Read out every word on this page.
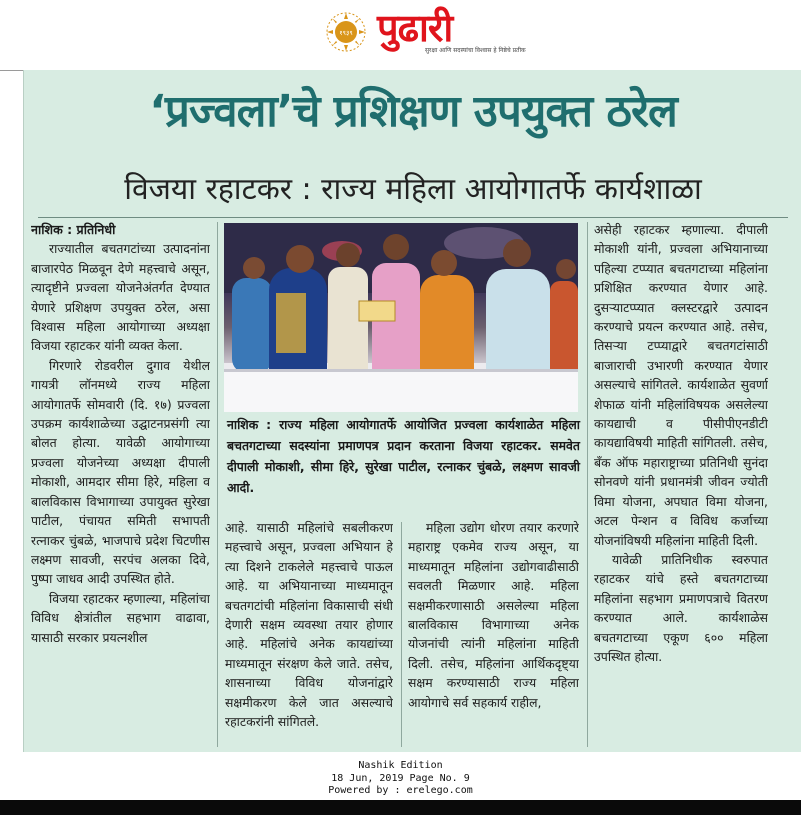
१९३९ पुढारी
सुरक्षा आणि सदस्यांचा विश्वास हे निष्ठेचे प्रतीक
‘प्रज्वला’चे प्रशिक्षण उपयुक्त ठरेल
विजया रहाटकर : राज्य महिला आयोगातर्फे कार्यशाळा
नाशिक : प्रतिनिधी

राज्यातील बचतगटांच्या उत्पादनांना बाजारपेठ मिळवून देणे महत्त्वाचे असून, त्यादृष्टीने प्रज्वला योजनेअंतर्गत देण्यात येणारे प्रशिक्षण उपयुक्त ठरेल, असा विश्वास महिला आयोगाच्या अध्यक्षा विजया रहाटकर यांनी व्यक्त केला.

गिरणारे रोडवरील दुगाव येथील गायत्री लॉनमध्ये राज्य महिला आयोगातर्फे सोमवारी (दि. १७) प्रज्वला उपक्रम कार्यशाळेच्या उद्घाटनप्रसंगी त्या बोलत होत्या. यावेळी आयोगाच्या प्रज्वला योजनेच्या अध्यक्षा दीपाली मोकाशी, आमदार सीमा हिरे, महिला व बालविकास विभागाच्या उपायुक्त सुरेखा पाटील, पंचायत समिती सभापती रत्नाकर चुंबळे, भाजपाचे प्रदेश चिटणीस लक्ष्मण सावजी, सरपंच अलका दिवे, पुष्पा जाधव आदी उपस्थित होते.

विजया रहाटकर म्हणाल्या, महिलांचा विविध क्षेत्रांतील सहभाग वाढावा, यासाठी सरकार प्रयत्नशील

नाशिक : राज्य महिला आयोगातर्फे आयोजित प्रज्वला कार्यशाळेत महिला बचतगटाच्या सदस्यांना प्रमाणपत्र प्रदान करताना विजया रहाटकर. समवेत दीपाली मोकाशी, सीमा हिरे, सुरेखा पाटील, रत्नाकर चुंबळे, लक्ष्मण सावजी आदी.

आहे. यासाठी महिलांचे सबलीकरण महत्त्वाचे असून, प्रज्वला अभियान हे त्या दिशने टाकलेले महत्त्वाचे पाऊल आहे. या अभियानाच्या माध्यमातून बचतगटांची महिलांना विकासाची संधी देणारी सक्षम व्यवस्था तयार होणार आहे. महिलांचे अनेक कायद्यांच्या माध्यमातून संरक्षण केले जाते. तसेच, शासनाच्या विविध योजनांद्वारे सक्षमीकरण केले जात असल्याचे रहाटकरांनी सांगितले.

महिला उद्योग धोरण तयार करणारे महाराष्ट्र एकमेव राज्य असून, या माध्यमातून महिलांना उद्योगवाढीसाठी सवलती मिळणार आहे. महिला सक्षमीकरणासाठी असलेल्या महिला बालविकास विभागाच्या अनेक योजनांची त्यांनी महिलांना माहिती दिली. तसेच, महिलांना आर्थिकदृष्ट्या सक्षम करण्यासाठी राज्य महिला आयोगाचे सर्व सहकार्य राहील,

असेही रहाटकर म्हणाल्या. दीपाली मोकाशी यांनी, प्रज्वला अभियानाच्या पहिल्या टप्प्यात बचतगटाच्या महिलांना प्रशिक्षित करण्यात येणार आहे. दुसऱ्याटप्प्यात क्लस्टरद्वारे उत्पादन करण्याचे प्रयत्न करण्यात आहे. तसेच, तिसऱ्या टप्प्याद्वारे बचतगटांसाठी बाजाराची उभारणी करण्यात येणार असल्याचे सांगितले. कार्यशाळेत सुवर्णा शेफाळ यांनी महिलांविषयक असलेल्या कायद्याची व पीसीपीएनडीटी कायद्याविषयी माहिती सांगितली. तसेच, बँक ऑफ महाराष्ट्राच्या प्रतिनिधी सुनंदा सोनवणे यांनी प्रधानमंत्री जीवन ज्योती विमा योजना, अपघात विमा योजना, अटल पेन्शन व विविध कर्जाच्या योजनांविषयी महिलांना माहिती दिली.

यावेळी प्रातिनिधीक स्वरुपात रहाटकर यांचे हस्ते बचतगटाच्या महिलांना सहभाग प्रमाणपत्राचे वितरण करण्यात आले. कार्यशाळेस बचतगटाच्या एकूण ६०० महिला उपस्थित होत्या.

Nashik Edition
18 Jun, 2019 Page No. 9
Powered by : erelego.com
